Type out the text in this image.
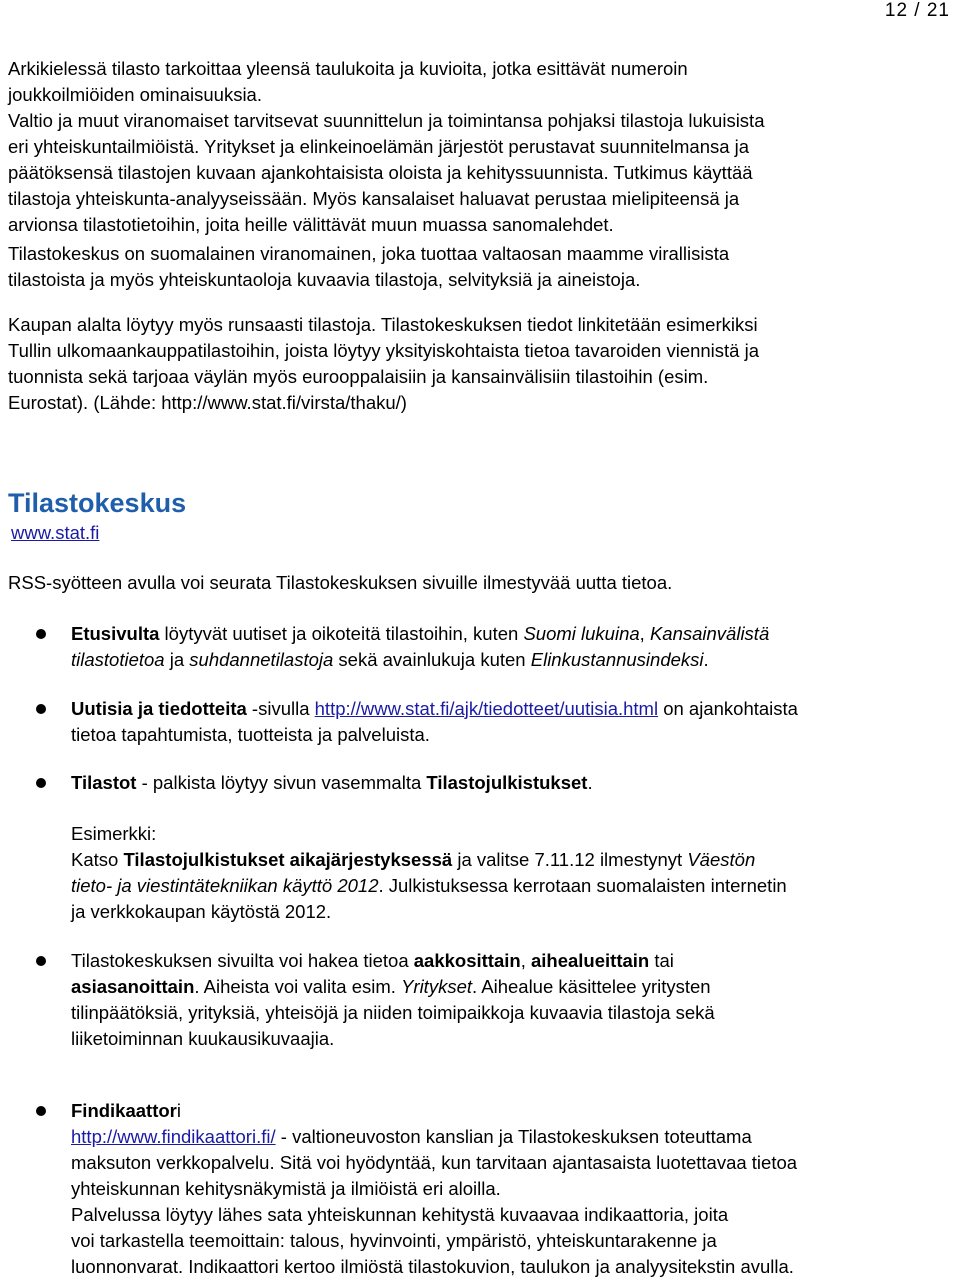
12 / 21
Arkikielessä tilasto tarkoittaa yleensä taulukoita ja kuvioita, jotka esittävät numeroin
joukkoilmiöiden ominaisuuksia.
Valtio ja muut viranomaiset tarvitsevat suunnittelun ja toimintansa pohjaksi tilastoja lukuisista
eri yhteiskuntailmiöistä. Yritykset ja elinkeinoelämän järjestöt perustavat suunnitelmansa ja
päätöksensä tilastojen kuvaan ajankohtaisista oloista ja kehityssuunnista. Tutkimus käyttää
tilastoja yhteiskunta-analyyseissään. Myös kansalaiset haluavat perustaa mielipiteensä ja
arvionsa tilastotietoihin, joita heille välittävät muun muassa sanomalehdet.
Tilastokeskus on suomalainen viranomainen, joka tuottaa valtaosan maamme virallisista
tilastoista ja myös yhteiskuntaoloja kuvaavia tilastoja, selvityksiä ja aineistoja.
Kaupan alalta löytyy myös runsaasti tilastoja. Tilastokeskuksen tiedot linkitetään esimerkiksi
Tullin ulkomaankauppatilastoihin, joista löytyy yksityiskohtaista tietoa tavaroiden viennistä ja
tuonnista sekä tarjoaa väylän myös eurooppalaisiin ja kansainvälisiin tilastoihin (esim.
Eurostat). (Lähde: http://www.stat.fi/virsta/thaku/)
Tilastokeskus
www.stat.fi
RSS-syötteen avulla voi seurata Tilastokeskuksen sivuille ilmestyvää uutta tietoa.
Etusivulta löytyvät uutiset ja oikoteitä tilastoihin, kuten Suomi lukuina, Kansainvälistä
tilastotietoa ja suhdannetilastoja sekä avainlukuja kuten Elinkustannusindeksi.
Uutisia ja tiedotteita -sivulla http://www.stat.fi/ajk/tiedotteet/uutisia.html on ajankohtaista
tietoa tapahtumista, tuotteista ja palveluista.
Tilastot - palkista löytyy sivun vasemmalta Tilastojulkistukset.
Esimerkki:
Katso Tilastojulkistukset aikajärjestyksessä ja valitse 7.11.12 ilmestynyt Väestön
tieto- ja viestintätekniikan käyttö 2012. Julkistuksessa kerrotaan suomalaisten internetin
ja verkkokaupan käytöstä 2012.
Tilastokeskuksen sivuilta voi hakea tietoa aakkosittain, aihealueittain tai
asiasanoittain. Aiheista voi valita esim. Yritykset. Aihealue käsittelee yritysten
tilinpäätöksiä, yrityksiä, yhteisöjä ja niiden toimipaikkoja kuvaavia tilastoja sekä
liiketoiminnan kuukausikuvaajia.
Findikaattori
http://www.findikaattori.fi/ - valtioneuvoston kanslian ja Tilastokeskuksen toteuttama
maksuton verkkopalvelu. Sitä voi hyödyntää, kun tarvitaan ajantasaista luotettavaa tietoa
yhteiskunnan kehitysnäkymistä ja ilmiöistä eri aloilla.
Palvelussa löytyy lähes sata yhteiskunnan kehitystä kuvaavaa indikaattoria, joita
voi tarkastella teemoittain: talous, hyvinvointi, ympäristö, yhteiskuntarakenne ja
luonnonvarat. Indikaattori kertoo ilmiöstä tilastokuvion, taulukon ja analyysitekstin avulla.
